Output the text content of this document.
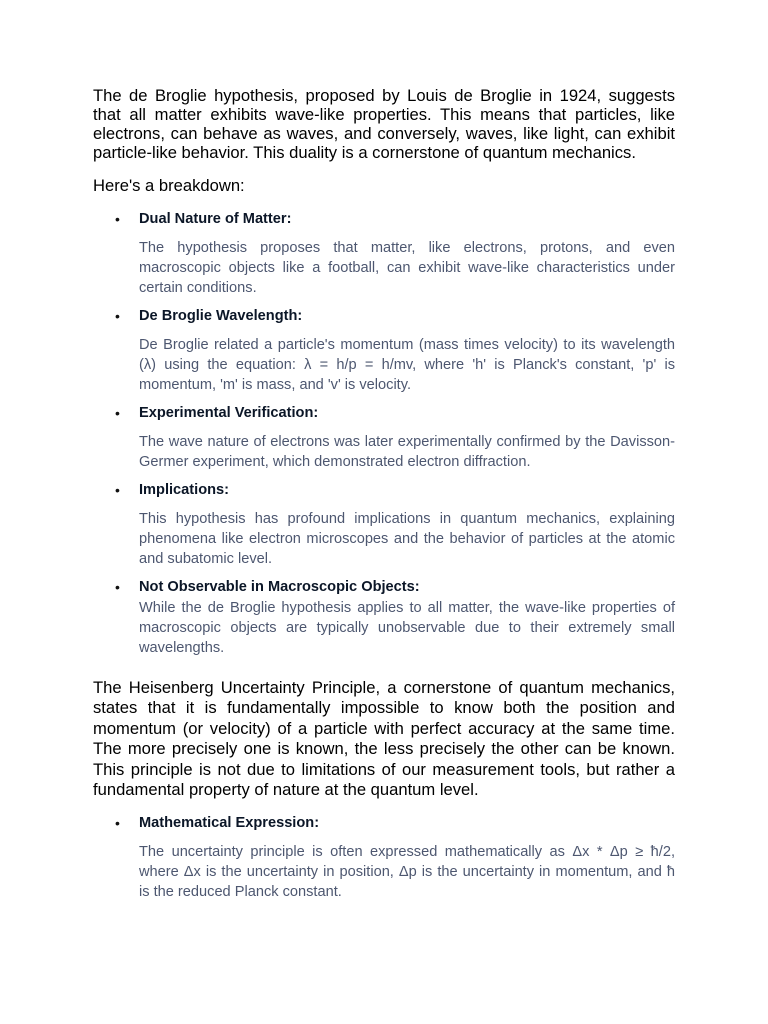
The de Broglie hypothesis, proposed by Louis de Broglie in 1924, suggests that all matter exhibits wave-like properties. This means that particles, like electrons, can behave as waves, and conversely, waves, like light, can exhibit particle-like behavior. This duality is a cornerstone of quantum mechanics.

Here's a breakdown:

• Dual Nature of Matter:
The hypothesis proposes that matter, like electrons, protons, and even macroscopic objects like a football, can exhibit wave-like characteristics under certain conditions.
• De Broglie Wavelength:
De Broglie related a particle's momentum (mass times velocity) to its wavelength (λ) using the equation: λ = h/p = h/mv, where 'h' is Planck's constant, 'p' is momentum, 'm' is mass, and 'v' is velocity.
• Experimental Verification:
The wave nature of electrons was later experimentally confirmed by the Davisson-Germer experiment, which demonstrated electron diffraction.
• Implications:
This hypothesis has profound implications in quantum mechanics, explaining phenomena like electron microscopes and the behavior of particles at the atomic and subatomic level.
• Not Observable in Macroscopic Objects:
While the de Broglie hypothesis applies to all matter, the wave-like properties of macroscopic objects are typically unobservable due to their extremely small wavelengths.

The Heisenberg Uncertainty Principle, a cornerstone of quantum mechanics, states that it is fundamentally impossible to know both the position and momentum (or velocity) of a particle with perfect accuracy at the same time. The more precisely one is known, the less precisely the other can be known. This principle is not due to limitations of our measurement tools, but rather a fundamental property of nature at the quantum level.

• Mathematical Expression:
The uncertainty principle is often expressed mathematically as Δx * Δp ≥ ħ/2, where Δx is the uncertainty in position, Δp is the uncertainty in momentum, and ħ is the reduced Planck constant.
